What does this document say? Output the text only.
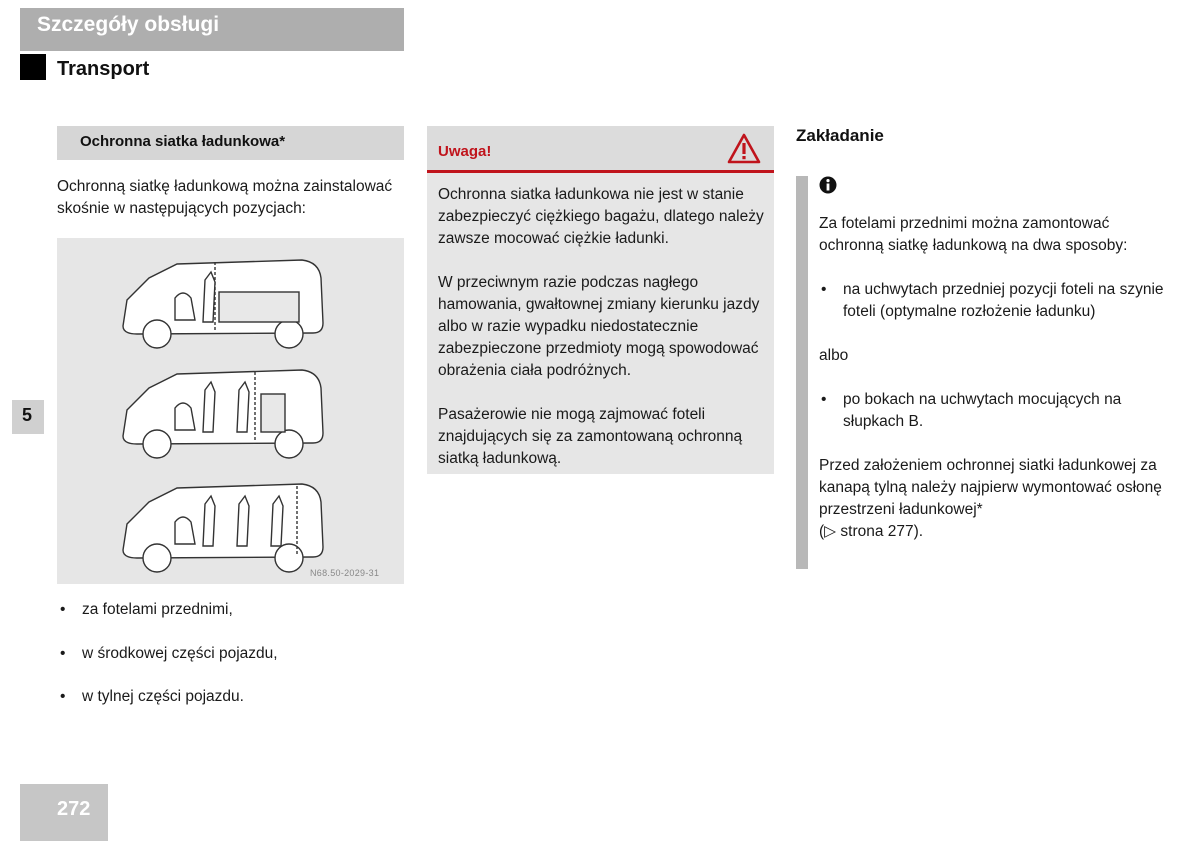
Szczegóły obsługi
Transport
Ochronna siatka ładunkowa*
Ochronną siatkę ładunkową można zainstalować skośnie w następujących pozycjach:
N68.50-2029-31
• za fotelami przednimi,
• w środkowej części pojazdu,
• w tylnej części pojazdu.
5
Uwaga!

Ochronna siatka ładunkowa nie jest w stanie zabezpieczyć ciężkiego bagażu, dlatego należy zawsze mocować ciężkie ładunki.

W przeciwnym razie podczas nagłego hamowania, gwałtownej zmiany kierunku jazdy albo w razie wypadku niedostatecznie zabezpieczone przedmioty mogą spowodować obrażenia ciała podróżnych.

Pasażerowie nie mogą zajmować foteli znajdujących się za zamontowaną ochronną siatką ładunkową.

Zakładanie

Za fotelami przednimi można zamontować ochronną siatkę ładunkową na dwa sposoby:

• na uchwytach przedniej pozycji foteli na szynie foteli (optymalne rozłożenie ładunku)

albo

• po bokach na uchwytach mocujących na słupkach B.

Przed założeniem ochronnej siatki ładunkowej za kanapą tylną należy najpierw wymontować osłonę przestrzeni ładunkowej*
(▷ strona 277).

272
